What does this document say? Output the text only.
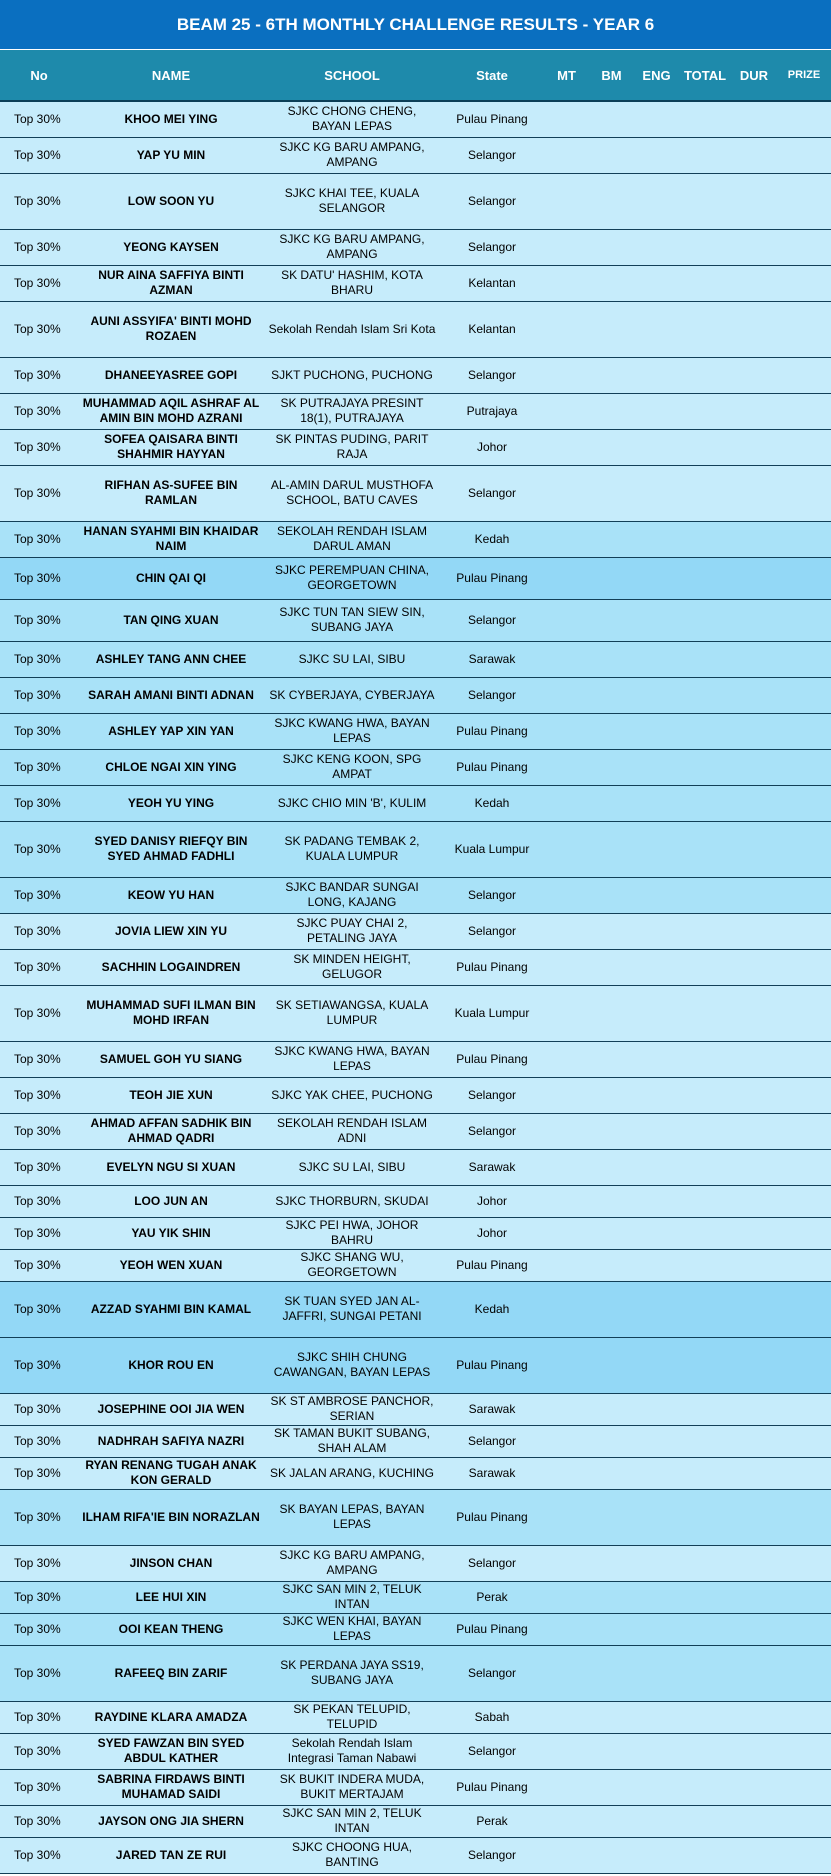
BEAM 25 - 6TH MONTHLY CHALLENGE RESULTS - YEAR 6
No	NAME	SCHOOL	State	MT	BM	ENG	TOTAL	DUR	PRIZE
Top 30%	KHOO MEI YING	SJKC CHONG CHENG, BAYAN LEPAS	Pulau Pinang						
Top 30%	YAP YU MIN	SJKC KG BARU AMPANG, AMPANG	Selangor						
Top 30%	LOW SOON YU	SJKC KHAI TEE, KUALA SELANGOR	Selangor						
Top 30%	YEONG KAYSEN	SJKC KG BARU AMPANG, AMPANG	Selangor						
Top 30%	NUR AINA SAFFIYA BINTI AZMAN	SK DATU' HASHIM, KOTA BHARU	Kelantan						
Top 30%	AUNI ASSYIFA' BINTI MOHD ROZAEN	Sekolah Rendah Islam Sri Kota	Kelantan						
Top 30%	DHANEEYASREE GOPI	SJKT PUCHONG, PUCHONG	Selangor						
Top 30%	MUHAMMAD AQIL ASHRAF AL AMIN BIN MOHD AZRANI	SK PUTRAJAYA PRESINT 18(1), PUTRAJAYA	Putrajaya						
Top 30%	SOFEA QAISARA BINTI SHAHMIR HAYYAN	SK PINTAS PUDING, PARIT RAJA	Johor						
Top 30%	RIFHAN AS-SUFEE BIN RAMLAN	AL-AMIN DARUL MUSTHOFA SCHOOL, BATU CAVES	Selangor						
Top 30%	HANAN SYAHMI BIN KHAIDAR NAIM	SEKOLAH RENDAH ISLAM DARUL AMAN	Kedah						
Top 30%	CHIN QAI QI	SJKC PEREMPUAN CHINA, GEORGETOWN	Pulau Pinang						
Top 30%	TAN QING XUAN	SJKC TUN TAN SIEW SIN, SUBANG JAYA	Selangor						
Top 30%	ASHLEY TANG ANN CHEE	SJKC SU LAI, SIBU	Sarawak						
Top 30%	SARAH AMANI BINTI ADNAN	SK CYBERJAYA, CYBERJAYA	Selangor						
Top 30%	ASHLEY YAP XIN YAN	SJKC KWANG HWA, BAYAN LEPAS	Pulau Pinang						
Top 30%	CHLOE NGAI XIN YING	SJKC KENG KOON, SPG AMPAT	Pulau Pinang						
Top 30%	YEOH YU YING	SJKC CHIO MIN 'B', KULIM	Kedah						
Top 30%	SYED DANISY RIEFQY BIN SYED AHMAD FADHLI	SK PADANG TEMBAK 2, KUALA LUMPUR	Kuala Lumpur						
Top 30%	KEOW YU HAN	SJKC BANDAR SUNGAI LONG, KAJANG	Selangor						
Top 30%	JOVIA LIEW XIN YU	SJKC PUAY CHAI 2, PETALING JAYA	Selangor						
Top 30%	SACHHIN LOGAINDREN	SK MINDEN HEIGHT, GELUGOR	Pulau Pinang						
Top 30%	MUHAMMAD SUFI ILMAN BIN MOHD IRFAN	SK SETIAWANGSA, KUALA LUMPUR	Kuala Lumpur						
Top 30%	SAMUEL GOH YU SIANG	SJKC KWANG HWA, BAYAN LEPAS	Pulau Pinang						
Top 30%	TEOH JIE XUN	SJKC YAK CHEE, PUCHONG	Selangor						
Top 30%	AHMAD AFFAN SADHIK BIN AHMAD QADRI	SEKOLAH RENDAH ISLAM ADNI	Selangor						
Top 30%	EVELYN NGU SI XUAN	SJKC SU LAI, SIBU	Sarawak						
Top 30%	LOO JUN AN	SJKC THORBURN, SKUDAI	Johor						
Top 30%	YAU YIK SHIN	SJKC PEI HWA, JOHOR BAHRU	Johor						
Top 30%	YEOH WEN XUAN	SJKC SHANG WU, GEORGETOWN	Pulau Pinang						
Top 30%	AZZAD SYAHMI BIN KAMAL	SK TUAN SYED JAN AL-JAFFRI, SUNGAI PETANI	Kedah						
Top 30%	KHOR ROU EN	SJKC SHIH CHUNG CAWANGAN, BAYAN LEPAS	Pulau Pinang						
Top 30%	JOSEPHINE OOI JIA WEN	SK ST AMBROSE PANCHOR, SERIAN	Sarawak						
Top 30%	NADHRAH SAFIYA NAZRI	SK TAMAN BUKIT SUBANG, SHAH ALAM	Selangor						
Top 30%	RYAN RENANG TUGAH ANAK KON GERALD	SK JALAN ARANG, KUCHING	Sarawak						
Top 30%	ILHAM RIFA'IE BIN NORAZLAN	SK BAYAN LEPAS, BAYAN LEPAS	Pulau Pinang						
Top 30%	JINSON CHAN	SJKC KG BARU AMPANG, AMPANG	Selangor						
Top 30%	LEE HUI XIN	SJKC SAN MIN 2, TELUK INTAN	Perak						
Top 30%	OOI KEAN THENG	SJKC WEN KHAI, BAYAN LEPAS	Pulau Pinang						
Top 30%	RAFEEQ BIN ZARIF	SK PERDANA JAYA SS19, SUBANG JAYA	Selangor						
Top 30%	RAYDINE KLARA AMADZA	SK PEKAN TELUPID, TELUPID	Sabah						
Top 30%	SYED FAWZAN BIN SYED ABDUL KATHER	Sekolah Rendah Islam Integrasi Taman Nabawi	Selangor						
Top 30%	SABRINA FIRDAWS BINTI MUHAMAD SAIDI	SK BUKIT INDERA MUDA, BUKIT MERTAJAM	Pulau Pinang						
Top 30%	JAYSON ONG JIA SHERN	SJKC SAN MIN 2, TELUK INTAN	Perak						
Top 30%	JARED TAN ZE RUI	SJKC CHOONG HUA, BANTING	Selangor						
